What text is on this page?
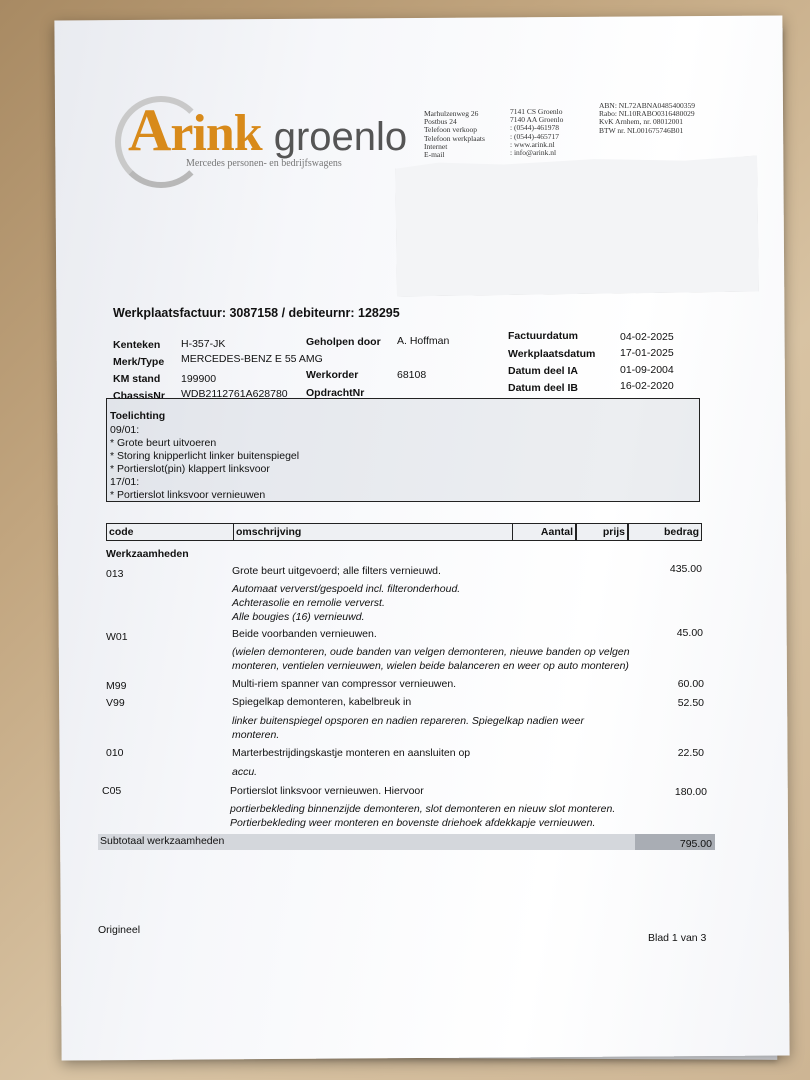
Arink groenlo
Mercedes personen- en bedrijfswagens
Marhulzenweg 26
Postbus 24
Telefoon verkoop
Telefoon werkplaats
Internet
E-mail
7141 CS Groenlo
7140 AA Groenlo
: (0544)-461978
: (0544)-465717
: www.arink.nl
: info@arink.nl
ABN: NL72ABNA0485400359
Rabo: NL10RABO0316480029
KvK Arnhem, nr. 08012001
BTW nr. NL001675746B01
Werkplaatsfactuur: 3087158 / debiteurnr: 128295
Kenteken H-357-JK
Merk/Type MERCEDES-BENZ E 55 AMG
KM stand 199900
ChassisNr WDB2112761A628780
Geholpen door A. Hoffman
Werkorder	68108
OpdrachtNr
Factuurdatum	04-02-2025
Werkplaatsdatum 17-01-2025
Datum deel IA	01-09-2004
Datum deel IB	16-02-2020
Toelichting
09/01:
* Grote beurt uitvoeren
* Storing knipperlicht linker buitenspiegel
* Portierslot(pin) klappert linksvoor
17/01:
* Portierslot linksvoor vernieuwen
code	omschrijving	Aantal	prijs	bedrag
Werkzaamheden
013	Grote beurt uitgevoerd; alle filters vernieuwd.	435.00
Automaat ververst/gespoeld incl. filteronderhoud.
Achterasolie en remolie ververst.
Alle bougies (16) vernieuwd.
W01	Beide voorbanden vernieuwen.	45.00
(wielen demonteren, oude banden van velgen demonteren, nieuwe banden op velgen
monteren, ventielen vernieuwen, wielen beide balanceren en weer op auto monteren)
M99	Multi-riem spanner van compressor vernieuwen.	60.00
V99	Spiegelkap demonteren, kabelbreuk in	52.50
linker buitenspiegel opsporen en nadien repareren. Spiegelkap nadien weer
monteren.
010	Marterbestrijdingskastje monteren en aansluiten op	22.50
accu.
C05	Portierslot linksvoor vernieuwen. Hiervoor	180.00
portierbekleding binnenzijde demonteren, slot demonteren en nieuw slot monteren.
Portierbekleding weer monteren en bovenste driehoek afdekkapje vernieuwen.
Subtotaal werkzaamheden	795.00
Origineel
Blad 1 van 3
